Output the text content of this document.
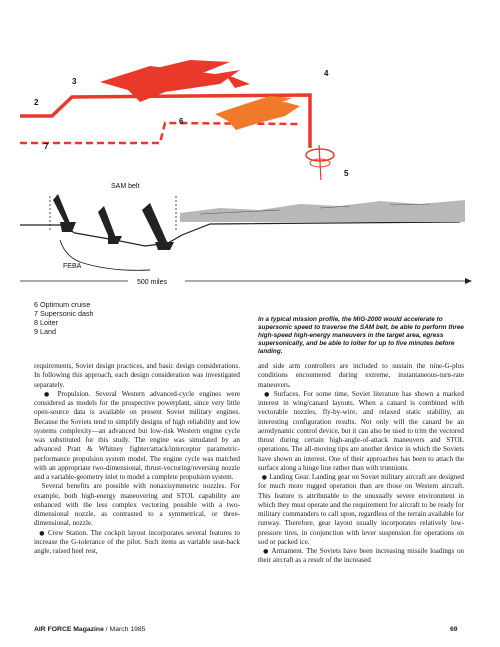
2
3
4
5
6
7
SAM belt
FEBA
500 miles
6 Optimum cruise
7 Supersonic dash
8 Loiter
9 Land
In a typical mission profile, the MiG-2000 would accelerate to supersonic speed to traverse the SAM belt, be able to perform three high-speed high-energy maneuvers in the target area, egress supersonically, and be able to loiter for up to five minutes before landing.

requirements, Soviet design practices, and basic design considerations. In following this approach, each design consideration was investigated separately.

● Propulsion. Several Western advanced-cycle engines were considered as models for the prospective powerplant, since very little open-source data is available on present Soviet military engines. Because the Soviets tend to simplify designs of high reliability and low systems complexity—an advanced but low-risk Western engine cycle was substituted for this study. The engine was simulated by an advanced Pratt & Whitney fighter/attack/interceptor parametric-performance propulsion system model. The engine cycle was matched with an appropriate two-dimensional, thrust-vectoring/reversing nozzle and a variable-geometry inlet to model a complete propulsion system.

Several benefits are possible with nonaxisymmetric nozzles. For example, both high-energy maneuvering and STOL capability are enhanced with the less complex vectoring possible with a two-dimensional nozzle, as contrasted to a symmetrical, or three-dimensional, nozzle.

● Crew Station. The cockpit layout incorporates several features to increase the G-tolerance of the pilot. Such items as variable seat-back angle, raised heel rest,

and side arm controllers are included to sustain the nine-G-plus conditions encountered during extreme, instantaneous-turn-rate maneuvers.

● Surfaces. For some time, Soviet literature has shown a marked interest in wing/canard layouts. When a canard is combined with vectorable nozzles, fly-by-wire, and relaxed static stability, an interesting configuration results. Not only will the canard be an aerodynamic control device, but it can also be used to trim the vectored thrust during certain high-angle-of-attack maneuvers and STOL operations. The all-moving tips are another device in which the Soviets have shown an interest. One of their approaches has been to attach the surface along a hinge line rather than with trunnions.

● Landing Gear. Landing gear on Soviet military aircraft are designed for much more rugged operation than are those on Western aircraft. This feature is attributable to the unusually severe environment in which they must operate and the requirement for aircraft to be ready for military commanders to call upon, regardless of the terrain available for runway. Therefore, gear layout usually incorporates relatively low-pressure tires, in conjunction with lever suspension for operations on sod or packed ice.

● Armament. The Soviets have been increasing missile loadings on their aircraft as a result of the increased

AIR FORCE Magazine / March 1985	69
